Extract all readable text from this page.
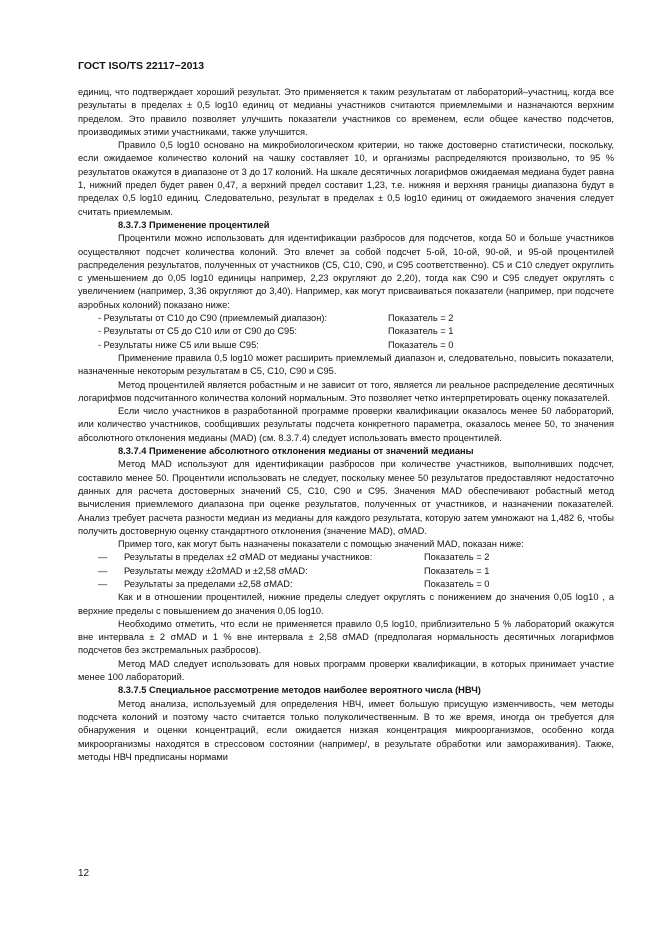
ГОСТ ISO/TS 22117−2013

единиц, что подтверждает хороший результат. Это применяется к таким результатам от лабораторий–участниц, когда все результаты в пределах ± 0,5 log10 единиц от медианы участников считаются приемлемыми и назначаются верхним пределом. Это правило позволяет улучшить показатели участников со временем, если общее качество подсчетов, производимых этими участниками, также улучшится.

Правило 0,5 log10 основано на микробиологическом критерии, но также достоверно статистически, поскольку, если ожидаемое количество колоний на чашку составляет 10, и организмы распределяются произвольно, то 95 % результатов окажутся в диапазоне от 3 до 17 колоний. На шкале десятичных логарифмов ожидаемая медиана будет равна 1, нижний предел будет равен 0,47, а верхний предел составит 1,23, т.е. нижняя и верхняя границы диапазона будут в пределах 0,5 log10 единиц. Следовательно, результат в пределах ± 0,5 log10 единиц от ожидаемого значения следует считать приемлемым.

8.3.7.3 Применение процентилей

Процентили можно использовать для идентификации разбросов для подсчетов, когда 50 и больше участников осуществляют подсчет количества колоний. Это влечет за собой подсчет 5-ой, 10-ой, 90-ой, и 95-ой процентилей распределения результатов, полученных от участников (C5, C10, C90, и C95 соответственно). C5 и C10 следует округлить с уменьшением до 0,05 log10 единицы например, 2,23 округляют до 2,20), тогда как C90 и C95 следует округлять с увеличением (например, 3,36 округляют до 3,40). Например, как могут присваиваться показатели (например, при подсчете аэробных колоний) показано ниже:

- Результаты от C10 до C90 (приемлемый диапазон):	Показатель = 2

- Результаты от C5 до C10 или от C90 до C95:	Показатель = 1

- Результаты ниже C5 или выше C95:	Показатель = 0

Применение правила 0,5 log10 может расширить приемлемый диапазон и, следовательно, повысить показатели, назначенные некоторым результатам в C5, C10, C90 и C95.

Метод процентилей является робастным и не зависит от того, является ли реальное распределение десятичных логарифмов подсчитанного количества колоний нормальным. Это позволяет четко интерпретировать оценку показателей.

Если число участников в разработанной программе проверки квалификации оказалось менее 50 лабораторий, или количество участников, сообщивших результаты подсчета конкретного параметра, оказалось менее 50, то значения абсолютного отклонения медианы (MAD) (см. 8.3.7.4) следует использовать вместо процентилей.

8.3.7.4 Применение абсолютного отклонения медианы от значений медианы

Метод MAD используют для идентификации разбросов при количестве участников, выполнивших подсчет, составило менее 50. Процентили использовать не следует, поскольку менее 50 результатов предоставляют недостаточно данных для расчета достоверных значений C5, C10, C90 и C95. Значения MAD обеспечивают робастный метод вычисления приемлемого диапазона при оценке результатов, полученных от участников, и назначении показателей. Анализ требует расчета разности медиан из медианы для каждого результата, которую затем умножают на 1,482 6, чтобы получить достоверную оценку стандартного отклонения (значение MAD), σMAD.

Пример того, как могут быть назначены показатели с помощью значений MAD, показан ниже:

— Результаты в пределах ±2 σMAD от медианы участников:	Показатель = 2

— Результаты между ±2σMAD и ±2,58 σMAD:	Показатель = 1

— Результаты за пределами ±2,58 σMAD:	Показатель = 0

Как и в отношении процентилей, нижние пределы следует округлять с понижением до значения 0,05 log10 , а верхние пределы с повышением до значения 0,05 log10.

Необходимо отметить, что если не применяется правило 0,5 log10, приблизительно 5 % лабораторий окажутся вне интервала ± 2 σMAD и 1 % вне интервала ± 2,58 σMAD (предполагая нормальность десятичных логарифмов подсчетов без экстремальных разбросов).

Метод MAD следует использовать для новых программ проверки квалификации, в которых принимает участие менее 100 лабораторий.

8.3.7.5 Специальное рассмотрение методов наиболее вероятного числа (НВЧ)

Метод анализа, используемый для определения НВЧ, имеет большую присущую изменчивость, чем методы подсчета колоний и поэтому часто считается только полуколичественным. В то же время, иногда он требуется для обнаружения и оценки концентраций, если ожидается низкая концентрация микроорганизмов, особенно когда микроорганизмы находятся в стрессовом состоянии (например/, в результате обработки или замораживания). Также, методы НВЧ предписаны нормами

12
